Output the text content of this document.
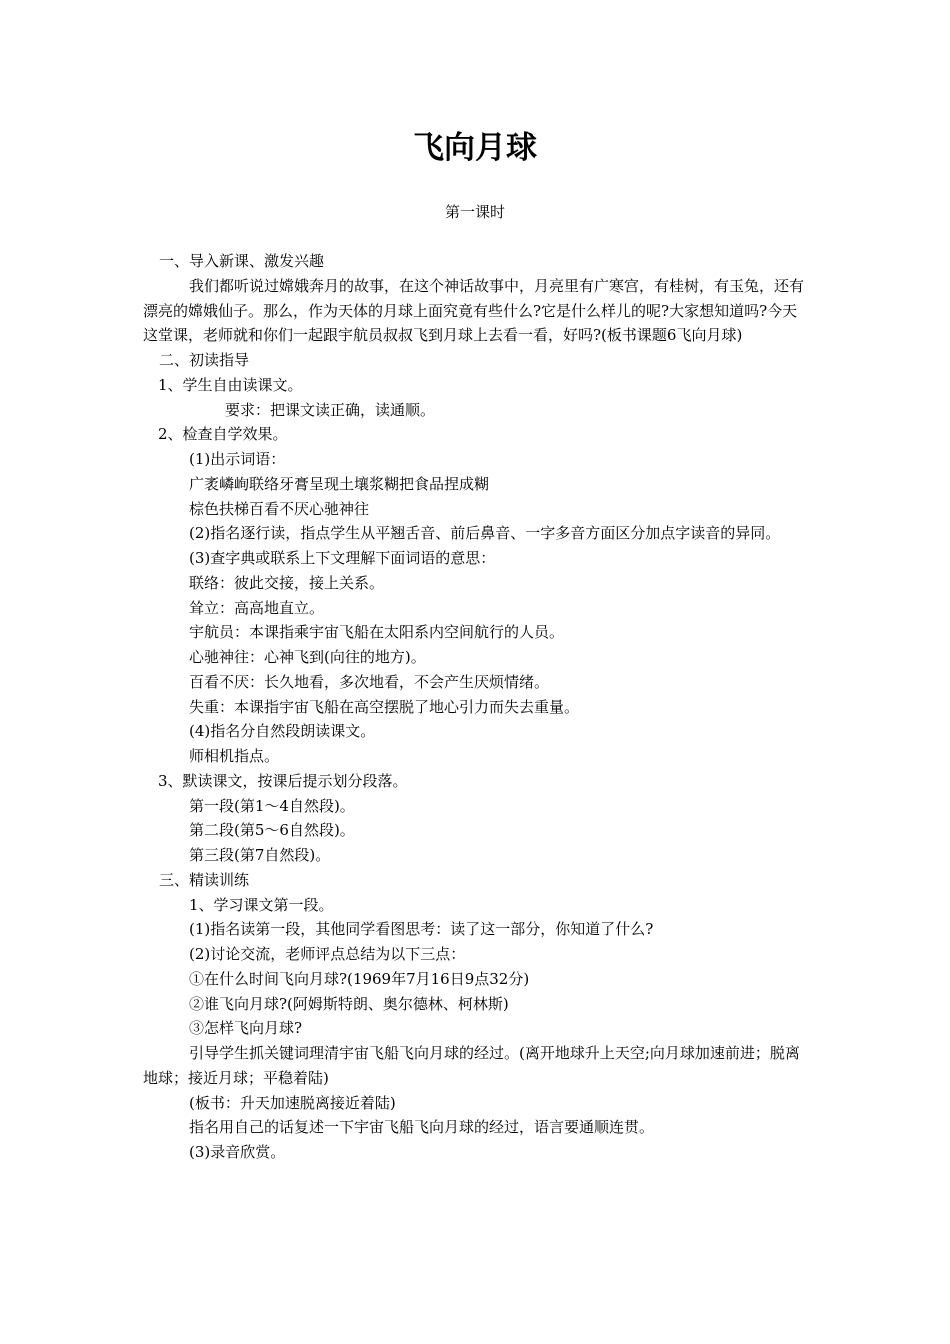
飞向月球

第一课时

一、导入新课、激发兴趣

我们都听说过嫦娥奔月的故事，在这个神话故事中，月亮里有广寒宫，有桂树，有玉兔，还有漂亮的嫦娥仙子。那么，作为天体的月球上面究竟有些什么?它是什么样儿的呢?大家想知道吗?今天这堂课，老师就和你们一起跟宇航员叔叔飞到月球上去看一看，好吗?(板书课题6飞向月球)

二、初读指导

1、学生自由读课文。

要求：把课文读正确，读通顺。

2、检查自学效果。

(1)出示词语：

广袤嶙峋联络牙膏呈现土壤浆糊把食品捏成糊

棕色扶梯百看不厌心驰神往

(2)指名逐行读，指点学生从平翘舌音、前后鼻音、一字多音方面区分加点字读音的异同。

(3)查字典或联系上下文理解下面词语的意思：

联络：彼此交接，接上关系。

耸立：高高地直立。

宇航员：本课指乘宇宙飞船在太阳系内空间航行的人员。

心驰神往：心神飞到(向往的地方)。

百看不厌：长久地看，多次地看，不会产生厌烦情绪。

失重：本课指宇宙飞船在高空摆脱了地心引力而失去重量。

(4)指名分自然段朗读课文。

师相机指点。

3、默读课文，按课后提示划分段落。

第一段(第1～4自然段)。

第二段(第5～6自然段)。

第三段(第7自然段)。

三、精读训练

1、学习课文第一段。

(1)指名读第一段，其他同学看图思考：读了这一部分，你知道了什么?

(2)讨论交流，老师评点总结为以下三点：

①在什么时间飞向月球?(1969年7月16日9点32分)

②谁飞向月球?(阿姆斯特朗、奥尔德林、柯林斯)

③怎样飞向月球?

引导学生抓关键词理清宇宙飞船飞向月球的经过。(离开地球升上天空;向月球加速前进；脱离地球；接近月球；平稳着陆)

(板书：升天加速脱离接近着陆)

指名用自己的话复述一下宇宙飞船飞向月球的经过，语言要通顺连贯。

(3)录音欣赏。
